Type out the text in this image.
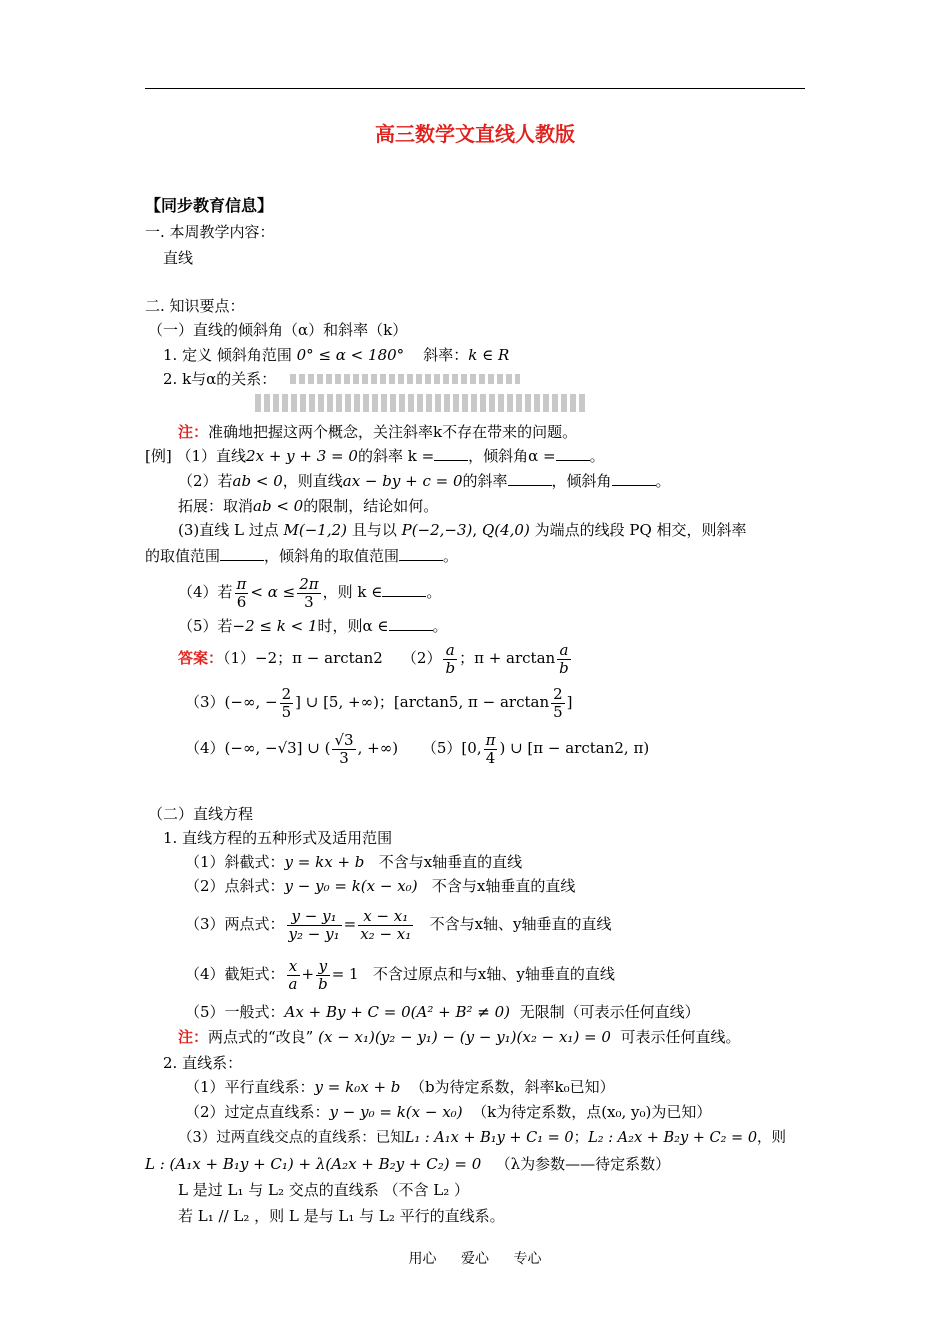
高三数学文直线人教版
【同步教育信息】
一. 本周教学内容：
直线
二. 知识要点：
（一）直线的倾斜角（α）和斜率（k）
1. 定义 倾斜角范围 0° ≤ α < 180° 斜率：k ∈ R
2. k与α的关系：
注：准确地把握这两个概念，关注斜率k不存在带来的问题。
[例] （1）直线2x + y + 3 = 0的斜率 k = ，倾斜角α = 。
（2）若ab < 0，则直线ax − by + c = 0的斜率	，倾斜角	。
拓展：取消ab < 0的限制，结论如何。
(3)直线 L 过点 M(−1,2) 且与以 P(−2,−3), Q(4,0) 为端点的线段 PQ 相交，则斜率
的取值范围	，倾斜角的取值范围	。
（4）若 $\frac{\pi}{6} < \alpha \le \frac{2\pi}{3}$ ，则 k ∈	。
（5）若−2 ≤ k < 1时，则α ∈	。
答案：（1）−2；π − arctan2 $(2) \frac{a}{b}$ ；$\pi + \arctan \frac{a}{b}$
（3）(−∞, − $\frac{2}{5}$ ] ∪ [5, +∞)；[arctan5, $\pi - \arctan \frac{2}{5}$ ]
（4）(−∞, −√3] ∪ ( $\frac{√3}{3}$ , +∞) （5）[0, $\frac{\pi}{4}$ ) ∪ [π − arctan2, π)
（二）直线方程
1. 直线方程的五种形式及适用范围
（1）斜截式：y = kx + b 不含与x轴垂直的直线
（2）点斜式：y − y₀ = k(x − x₀) 不含与x轴垂直的直线
（3）两点式： $\frac{\text{y − y₁}}{\text{y₂ − y₁}} = \frac{\text{x − x₁}}{\text{x₂ − x₁}}$ 不含与x轴、y轴垂直的直线
（4）截矩式： $\frac{x}{a} + \frac{y}{b} = 1$ 不含过原点和与x轴、y轴垂直的直线
（5）一般式：Ax + By + C = 0(A² + B² ≠ 0) 无限制（可表示任何直线）
注：两点式的“改良” (x − x₁)(y₂ − y₁) − (y − y₁)(x₂ − x₁) = 0 可表示任何直线。
2. 直线系：
（1）平行直线系：y = k₀x + b （b为待定系数，斜率k₀已知）
（2）过定点直线系：y − y₀ = k(x − x₀) （k为待定系数，点(x₀, y₀)为已知）
（3）过两直线交点的直线系：已知L₁ : A₁x + B₁y + C₁ = 0；L₂ : A₂x + B₂y + C₂ = 0，则
L : (A₁x + B₁y + C₁) + λ(A₂x + B₂y + C₂) = 0 （λ为参数——待定系数）
L 是过 L₁ 与 L₂ 交点的直线系 （不含 L₂ ）
若 L₁ // L₂ ，则 L 是与 L₁ 与 L₂ 平行的直线系。
用心 爱心 专心
